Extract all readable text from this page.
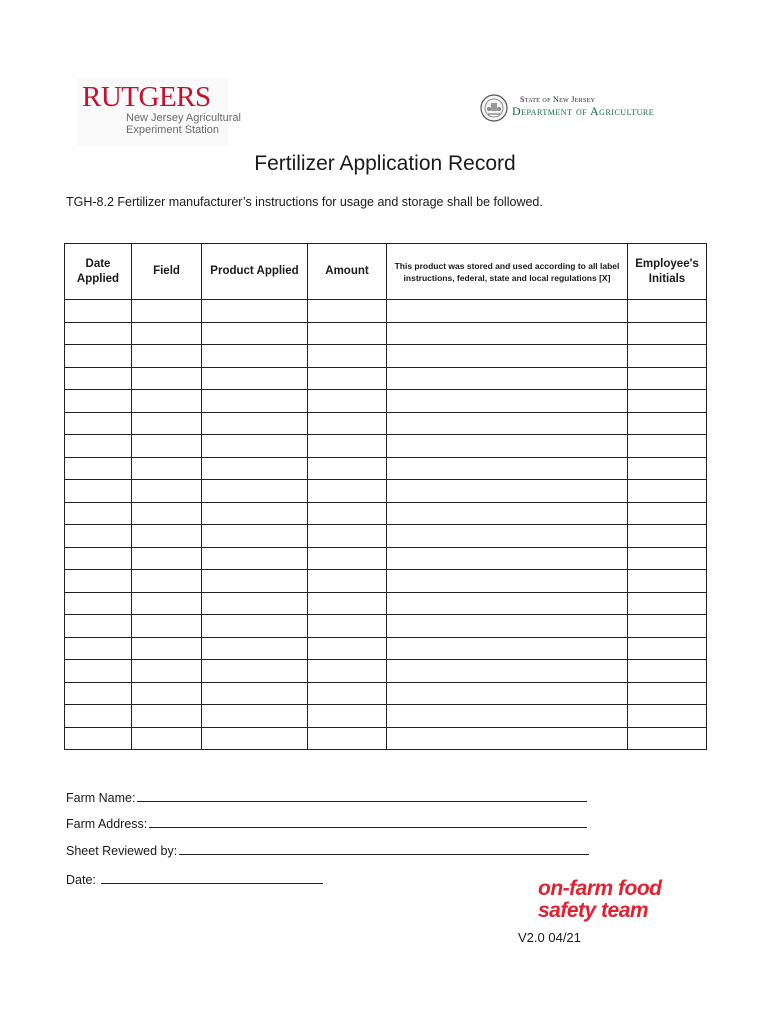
RUTGERS
New Jersey Agricultural
Experiment Station
State of New Jersey
Department of Agriculture
Fertilizer Application Record
TGH-8.2 Fertilizer manufacturer’s instructions for usage and storage shall be followed.
Date Applied	Field	Product Applied	Amount	This product was stored and used according to all label instructions, federal, state and local regulations [X]	Employee's Initials

Farm Name:
Farm Address:
Sheet Reviewed by:
Date:	on-farm food
safety team
V2.0 04/21
